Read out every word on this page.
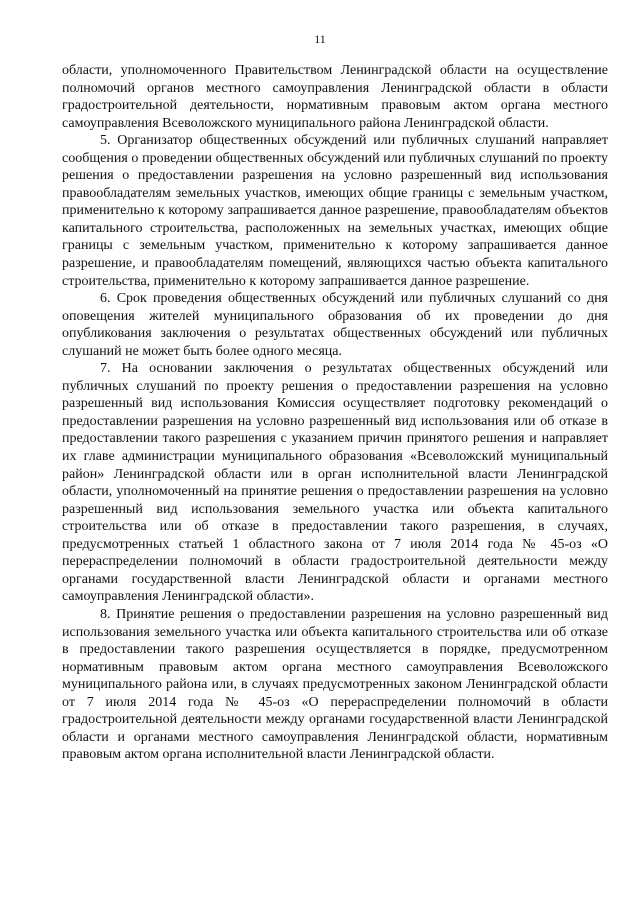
11

области, уполномоченного Правительством Ленинградской области на осуществление полномочий органов местного самоуправления Ленинградской области в области градостроительной деятельности, нормативным правовым актом органа местного самоуправления Всеволожского муниципального района Ленинградской области.

5. Организатор общественных обсуждений или публичных слушаний направляет сообщения о проведении общественных обсуждений или публичных слушаний по проекту решения о предоставлении разрешения на условно разрешенный вид использования правообладателям земельных участков, имеющих общие границы с земельным участком, применительно к которому запрашивается данное разрешение, правообладателям объектов капитального строительства, расположенных на земельных участках, имеющих общие границы с земельным участком, применительно к которому запрашивается данное разрешение, и правообладателям помещений, являющихся частью объекта капитального строительства, применительно к которому запрашивается данное разрешение.

6. Срок проведения общественных обсуждений или публичных слушаний со дня оповещения жителей муниципального образования об их проведении до дня опубликования заключения о результатах общественных обсуждений или публичных слушаний не может быть более одного месяца.

7. На основании заключения о результатах общественных обсуждений или публичных слушаний по проекту решения о предоставлении разрешения на условно разрешенный вид использования Комиссия осуществляет подготовку рекомендаций о предоставлении разрешения на условно разрешенный вид использования или об отказе в предоставлении такого разрешения с указанием причин принятого решения и направляет их главе администрации муниципального образования «Всеволожский муниципальный район» Ленинградской области или в орган исполнительной власти Ленинградской области, уполномоченный на принятие решения о предоставлении разрешения на условно разрешенный вид использования земельного участка или объекта капитального строительства или об отказе в предоставлении такого разрешения, в случаях, предусмотренных статьей 1 областного закона от 7 июля 2014 года № 45-оз «О перераспределении полномочий в области градостроительной деятельности между органами государственной власти Ленинградской области и органами местного самоуправления Ленинградской области».

8. Принятие решения о предоставлении разрешения на условно разрешенный вид использования земельного участка или объекта капитального строительства или об отказе в предоставлении такого разрешения осуществляется в порядке, предусмотренном нормативным правовым актом органа местного самоуправления Всеволожского муниципального района или, в случаях предусмотренных законом Ленинградской области от 7 июля 2014 года № 45-оз «О перераспределении полномочий в области градостроительной деятельности между органами государственной власти Ленинградской области и органами местного самоуправления Ленинградской области, нормативным правовым актом органа исполнительной власти Ленинградской области.
